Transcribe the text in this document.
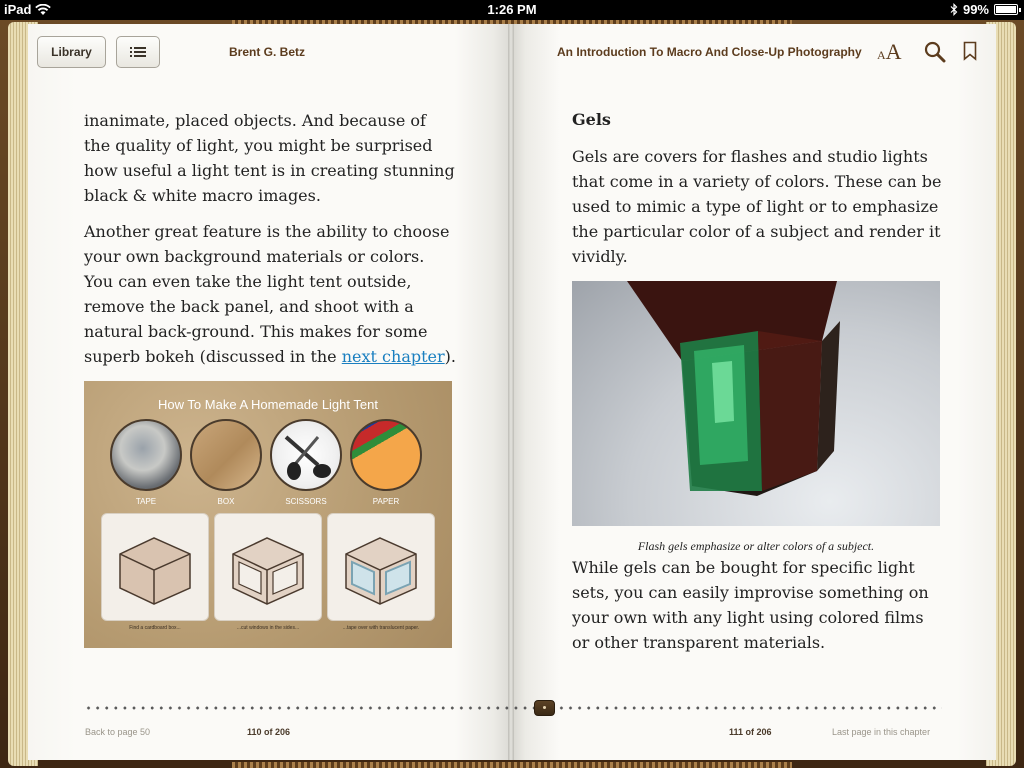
iPad	1:26 PM	99%
Library	Brent G. Betz	An Introduction To Macro And Close-Up Photography AA

inanimate, placed objects. And because of the quality of light, you might be surprised how useful a light tent is in creating stunning black & white macro images.

Another great feature is the ability to choose your own background materials or colors. You can even take the light tent outside, remove the back panel, and shoot with a natural back-ground. This makes for some superb bokeh (discussed in the next chapter).

How To Make A Homemade Light Tent
TAPE	BOX	SCISSORS	PAPER
Find a cardboard box...	...cut windows in the sides...	...tape over with translucent paper.
Gels

Gels are covers for flashes and studio lights that come in a variety of colors. These can be used to mimic a type of light or to emphasize the particular color of a subject and render it vividly.

Flash gels emphasize or alter colors of a subject.

While gels can be bought for specific light sets, you can easily improvise something on your own with any light using colored films or other transparent materials.

Back to page 50	110 of 206	111 of 206	Last page in this chapter
